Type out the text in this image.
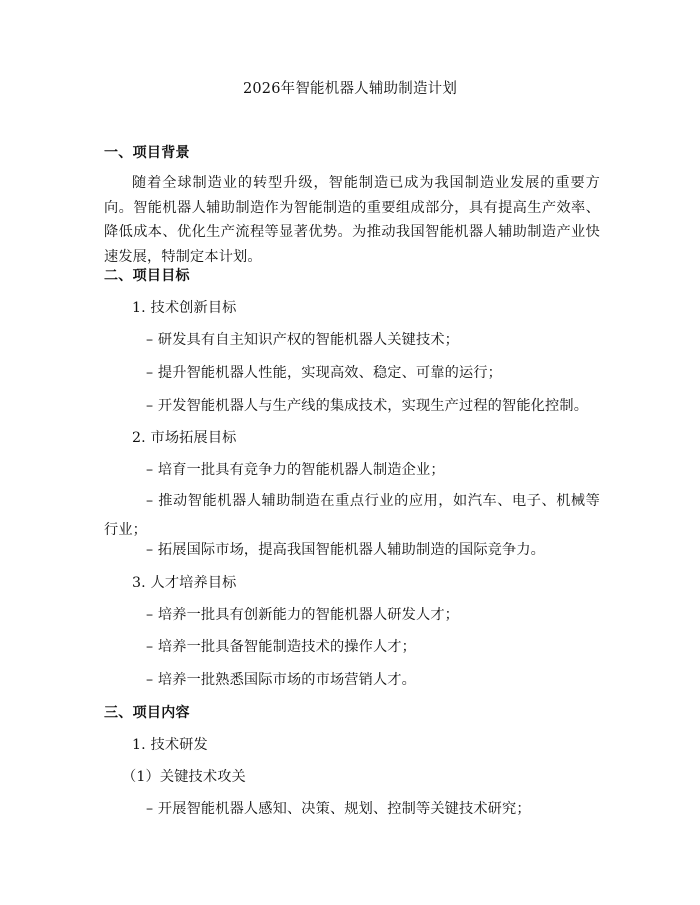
2026年智能机器人辅助制造计划
一、项目背景
随着全球制造业的转型升级，智能制造已成为我国制造业发展的重要方向。智能机器人辅助制造作为智能制造的重要组成部分，具有提高生产效率、降低成本、优化生产流程等显著优势。为推动我国智能机器人辅助制造产业快速发展，特制定本计划。
二、项目目标
1. 技术创新目标
– 研发具有自主知识产权的智能机器人关键技术；
– 提升智能机器人性能，实现高效、稳定、可靠的运行；
– 开发智能机器人与生产线的集成技术，实现生产过程的智能化控制。
2. 市场拓展目标
– 培育一批具有竞争力的智能机器人制造企业；
– 推动智能机器人辅助制造在重点行业的应用，如汽车、电子、机械等行业；
– 拓展国际市场，提高我国智能机器人辅助制造的国际竞争力。
3. 人才培养目标
– 培养一批具有创新能力的智能机器人研发人才；
– 培养一批具备智能制造技术的操作人才；
– 培养一批熟悉国际市场的市场营销人才。
三、项目内容
1. 技术研发
（1）关键技术攻关
– 开展智能机器人感知、决策、规划、控制等关键技术研究；
